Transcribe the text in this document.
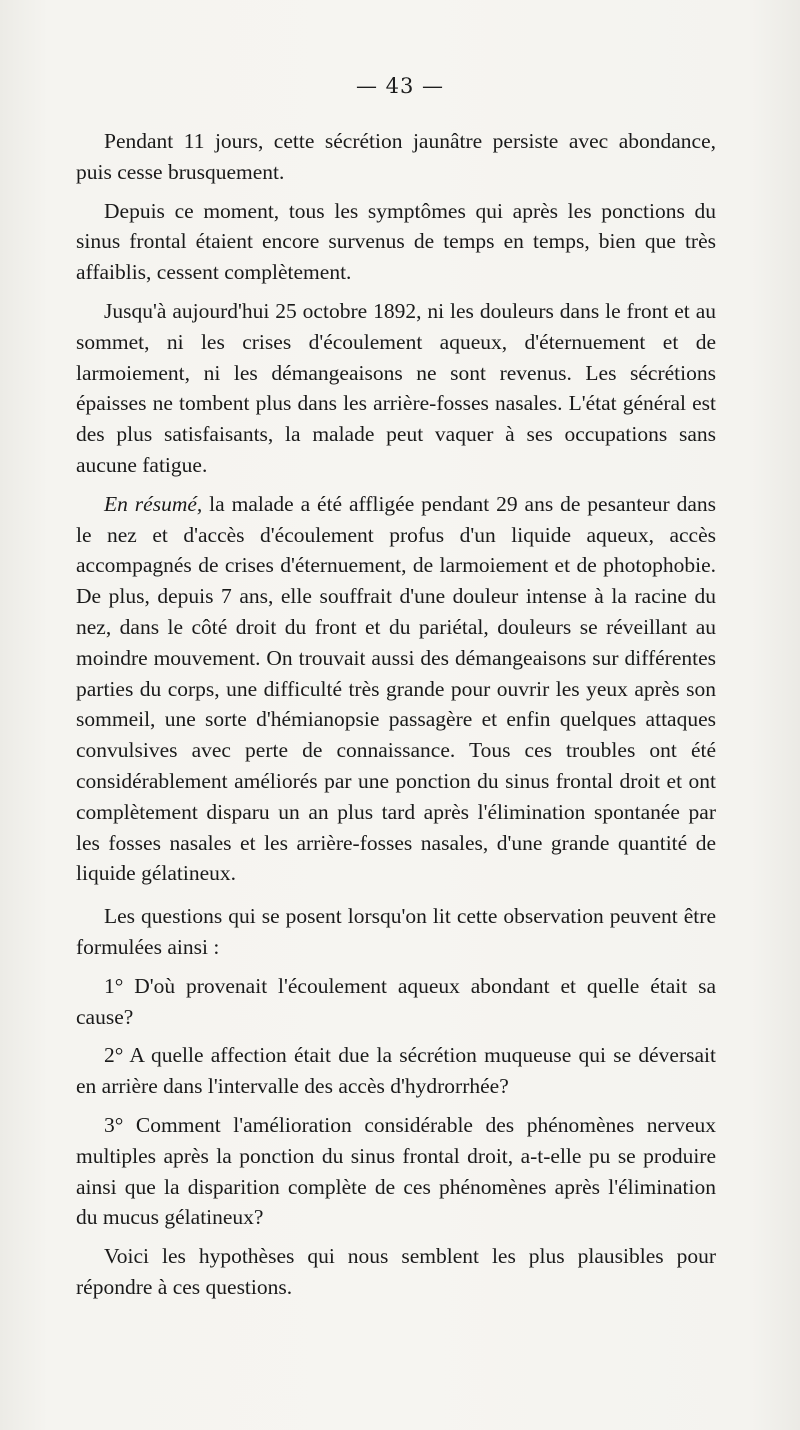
— 43 —

Pendant 11 jours, cette sécrétion jaunâtre persiste avec abondance, puis cesse brusquement.

Depuis ce moment, tous les symptômes qui après les ponctions du sinus frontal étaient encore survenus de temps en temps, bien que très affaiblis, cessent complètement.

Jusqu'à aujourd'hui 25 octobre 1892, ni les douleurs dans le front et au sommet, ni les crises d'écoulement aqueux, d'éternuement et de larmoiement, ni les démangeaisons ne sont revenus. Les sécrétions épaisses ne tombent plus dans les arrière-fosses nasales. L'état général est des plus satisfaisants, la malade peut vaquer à ses occupations sans aucune fatigue.

En résumé, la malade a été affligée pendant 29 ans de pesanteur dans le nez et d'accès d'écoulement profus d'un liquide aqueux, accès accompagnés de crises d'éternuement, de larmoiement et de photophobie. De plus, depuis 7 ans, elle souffrait d'une douleur intense à la racine du nez, dans le côté droit du front et du pariétal, douleurs se réveillant au moindre mouvement. On trouvait aussi des démangeaisons sur différentes parties du corps, une difficulté très grande pour ouvrir les yeux après son sommeil, une sorte d'hémianopsie passagère et enfin quelques attaques convulsives avec perte de connaissance. Tous ces troubles ont été considérablement améliorés par une ponction du sinus frontal droit et ont complètement disparu un an plus tard après l'élimination spontanée par les fosses nasales et les arrière-fosses nasales, d'une grande quantité de liquide gélatineux.

Les questions qui se posent lorsqu'on lit cette observation peuvent être formulées ainsi :

1° D'où provenait l'écoulement aqueux abondant et quelle était sa cause?

2° A quelle affection était due la sécrétion muqueuse qui se déversait en arrière dans l'intervalle des accès d'hydrorrhée?

3° Comment l'amélioration considérable des phénomènes nerveux multiples après la ponction du sinus frontal droit, a-t-elle pu se produire ainsi que la disparition complète de ces phénomènes après l'élimination du mucus gélatineux?

Voici les hypothèses qui nous semblent les plus plausibles pour répondre à ces questions.
